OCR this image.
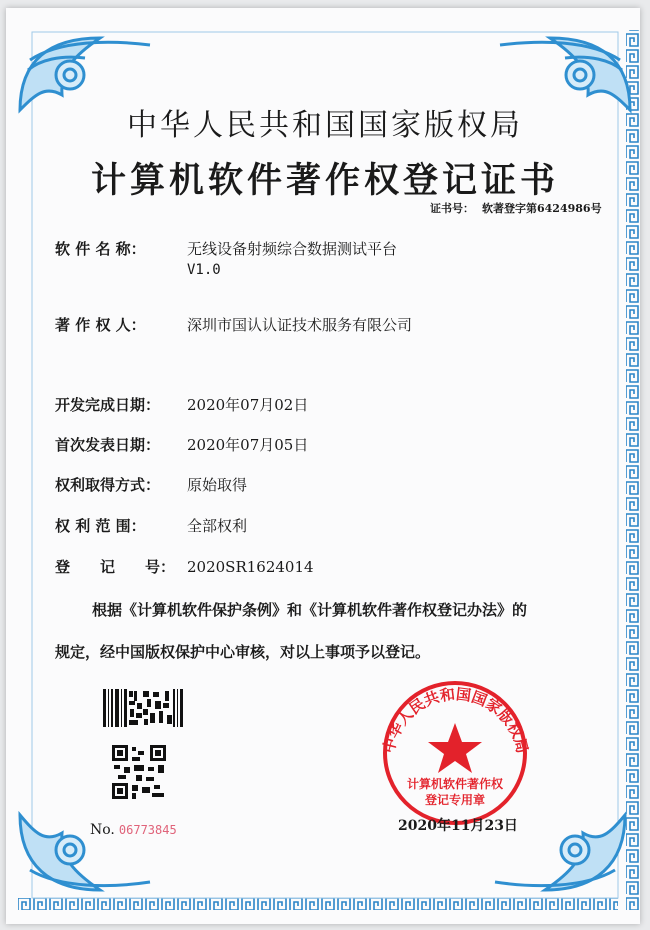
中华人民共和国国家版权局
计算机软件著作权登记证书
证书号： 软著登字第6424986号
软 件 名 称：	无线设备射频综合数据测试平台
V1.0
著 作 权 人：	深圳市国认认证技术服务有限公司
开发完成日期： 2020年07月02日
首次发表日期： 2020年07月05日
权利取得方式： 原始取得
权 利 范 围：	全部权利
登　　记　　号： 2020SR1624014
根据《计算机软件保护条例》和《计算机软件著作权登记办法》的
规定，经中国版权保护中心审核，对以上事项予以登记。
No. 06773845
中华人民共和国国家版权局
计算机软件著作权
登记专用章
2020年11月23日
